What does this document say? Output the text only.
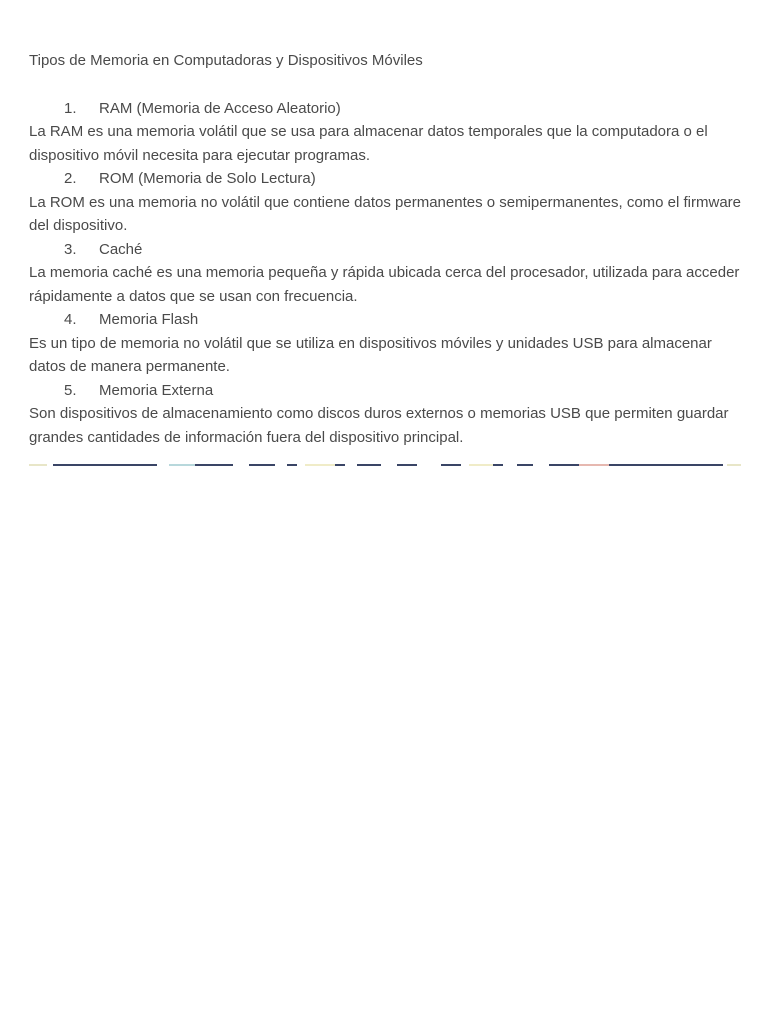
Tipos de Memoria en Computadoras y Dispositivos Móviles
1.	RAM (Memoria de Acceso Aleatorio)

La RAM es una memoria volátil que se usa para almacenar datos temporales que la computadora o el dispositivo móvil necesita para ejecutar programas.

2.	ROM (Memoria de Solo Lectura)

La ROM es una memoria no volátil que contiene datos permanentes o semipermanentes, como el firmware del dispositivo.

3.	Caché

La memoria caché es una memoria pequeña y rápida ubicada cerca del procesador, utilizada para acceder rápidamente a datos que se usan con frecuencia.

4.	Memoria Flash

Es un tipo de memoria no volátil que se utiliza en dispositivos móviles y unidades USB para almacenar datos de manera permanente.

5.	Memoria Externa

Son dispositivos de almacenamiento como discos duros externos o memorias USB que permiten guardar grandes cantidades de información fuera del dispositivo principal.
